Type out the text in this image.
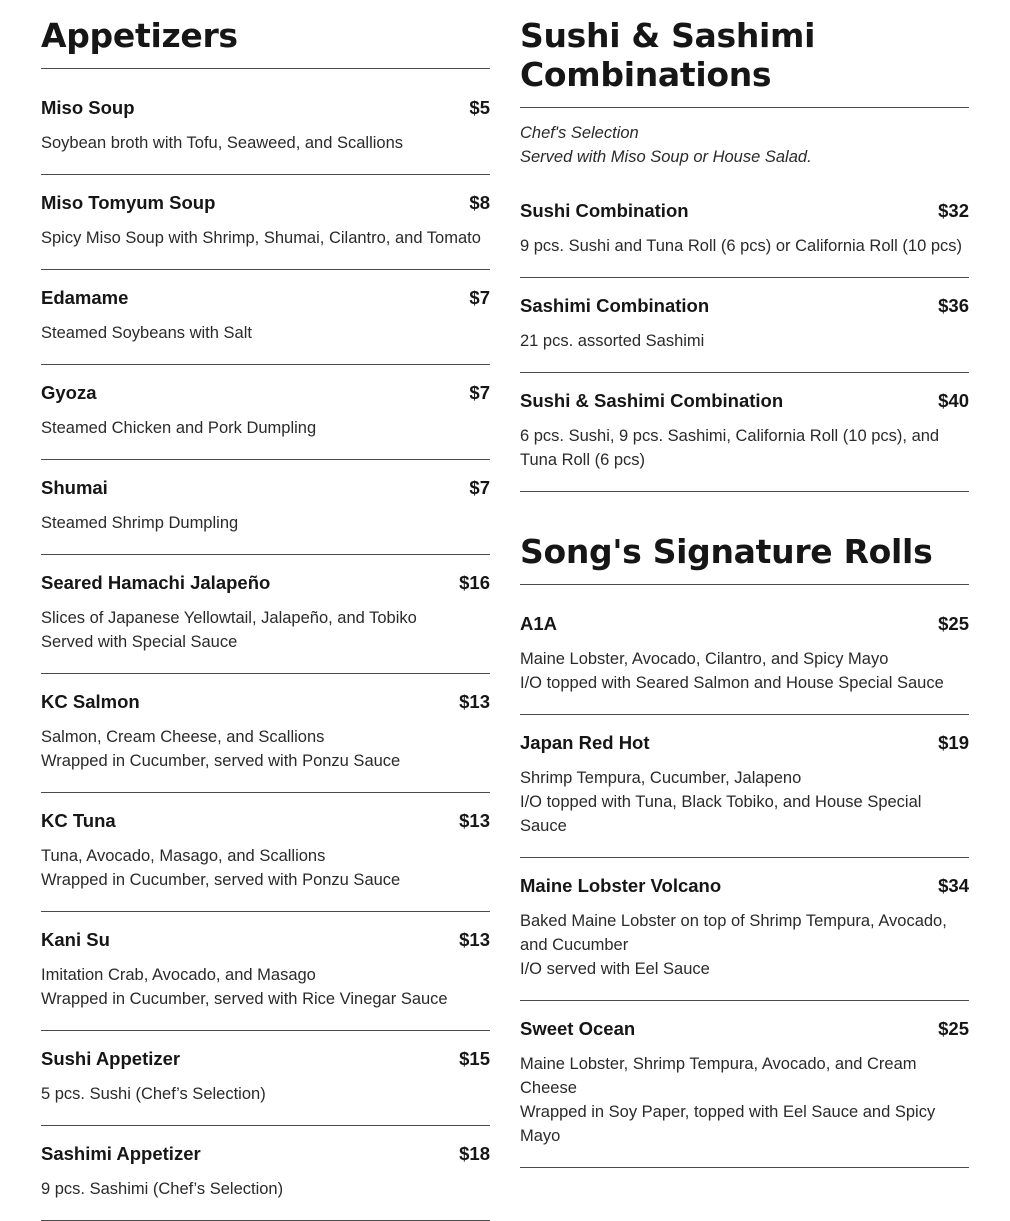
Appetizers
Miso Soup	$5
Soybean broth with Tofu, Seaweed, and Scallions
Miso Tomyum Soup	$8
Spicy Miso Soup with Shrimp, Shumai, Cilantro, and Tomato
Edamame	$7
Steamed Soybeans with Salt
Gyoza	$7
Steamed Chicken and Pork Dumpling
Shumai	$7
Steamed Shrimp Dumpling
Seared Hamachi Jalapeño	$16
Slices of Japanese Yellowtail, Jalapeño, and Tobiko
Served with Special Sauce
KC Salmon	$13
Salmon, Cream Cheese, and Scallions
Wrapped in Cucumber, served with Ponzu Sauce
KC Tuna	$13
Tuna, Avocado, Masago, and Scallions
Wrapped in Cucumber, served with Ponzu Sauce
Kani Su	$13
Imitation Crab, Avocado, and Masago
Wrapped in Cucumber, served with Rice Vinegar Sauce
Sushi Appetizer	$15
5 pcs. Sushi (Chef’s Selection)
Sashimi Appetizer	$18
9 pcs. Sashimi (Chef’s Selection)
Sushi & Sashimi
Combinations
Chef's Selection
Served with Miso Soup or House Salad.
Sushi Combination	$32
9 pcs. Sushi and Tuna Roll (6 pcs) or California Roll (10 pcs)
Sashimi Combination	$36
21 pcs. assorted Sashimi
Sushi & Sashimi Combination	$40
6 pcs. Sushi, 9 pcs. Sashimi, California Roll (10 pcs), and Tuna Roll (6 pcs)
Song's Signature Rolls
A1A	$25
Maine Lobster, Avocado, Cilantro, and Spicy Mayo
I/O topped with Seared Salmon and House Special Sauce
Japan Red Hot	$19
Shrimp Tempura, Cucumber, Jalapeno
I/O topped with Tuna, Black Tobiko, and House Special Sauce
Maine Lobster Volcano	$34
Baked Maine Lobster on top of Shrimp Tempura, Avocado, and Cucumber
I/O served with Eel Sauce
Sweet Ocean	$25
Maine Lobster, Shrimp Tempura, Avocado, and Cream Cheese
Wrapped in Soy Paper, topped with Eel Sauce and Spicy Mayo
